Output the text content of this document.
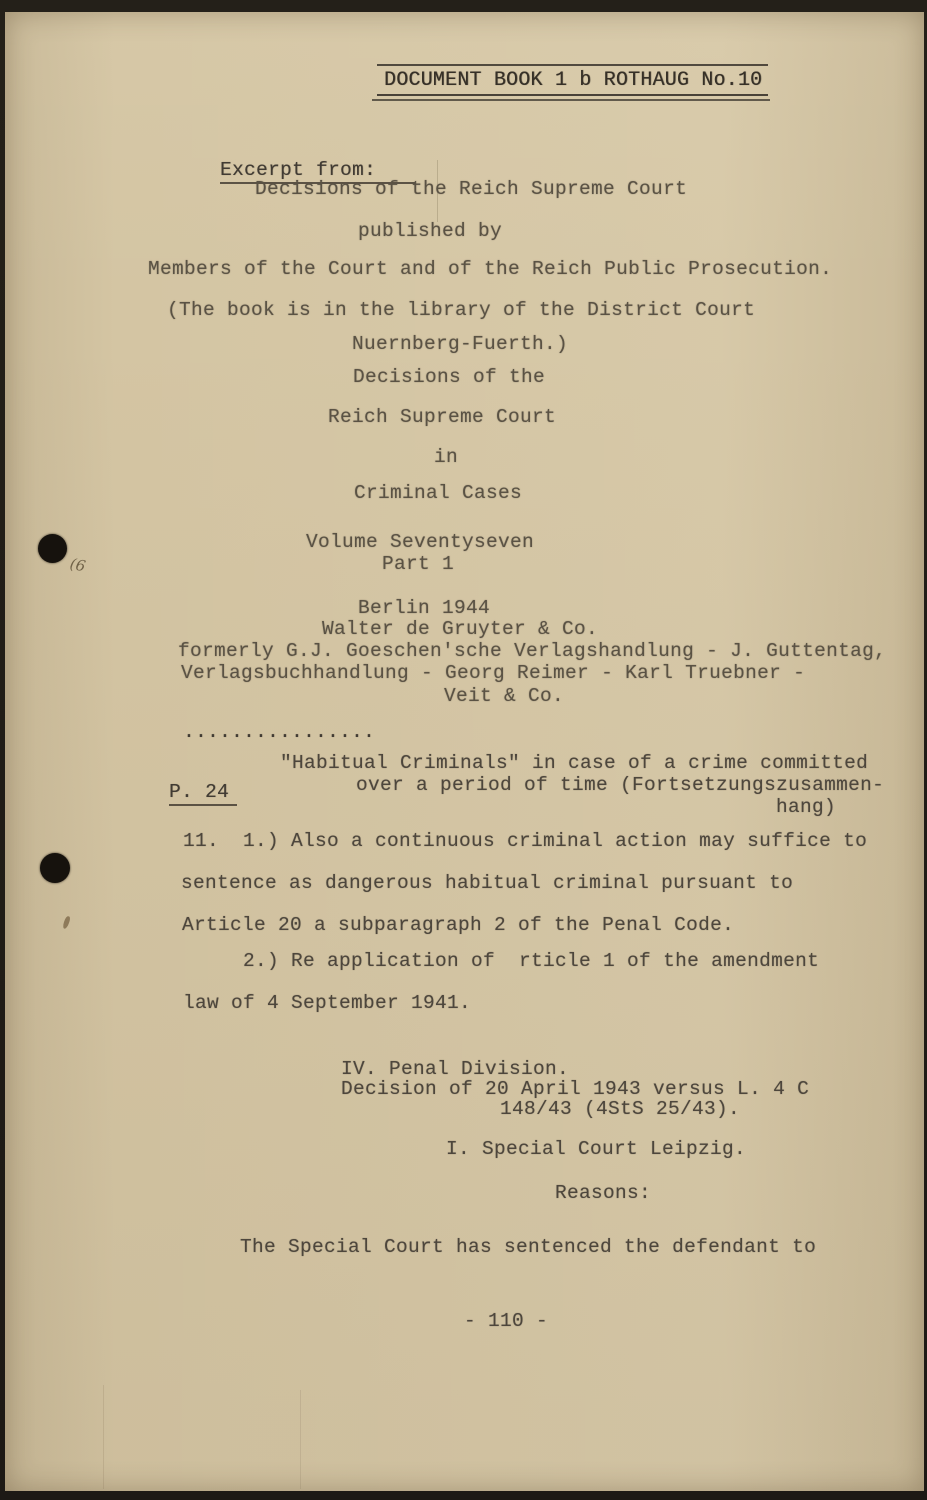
(6
DOCUMENT BOOK 1 b ROTHAUG No.10

Excerpt from:

Decisions of the Reich Supreme Court
published by
Members of the Court and of the Reich Public Prosecution.
(The book is in the library of the District Court
Nuernberg-Fuerth.)
Decisions of the
Reich Supreme Court
in
Criminal Cases
Volume Seventyseven
Part 1
Berlin 1944
Walter de Gruyter & Co.
formerly G.J. Goeschen'sche Verlagshandlung - J. Guttentag,
Verlagsbuchhandlung - Georg Reimer - Karl Truebner -
Veit & Co.
................

P. 24

"Habitual Criminals" in case of a crime committed
over a period of time (Fortsetzungszusammen-
hang)
11.  1.) Also a continuous criminal action may suffice to
sentence as dangerous habitual criminal pursuant to
Article 20 a subparagraph 2 of the Penal Code.
2.) Re application of  rticle 1 of the amendment
law of 4 September 1941.
IV. Penal Division.
Decision of 20 April 1943 versus L. 4 C
148/43 (4StS 25/43).
I. Special Court Leipzig.
Reasons:
The Special Court has sentenced the defendant to
- 110 -
